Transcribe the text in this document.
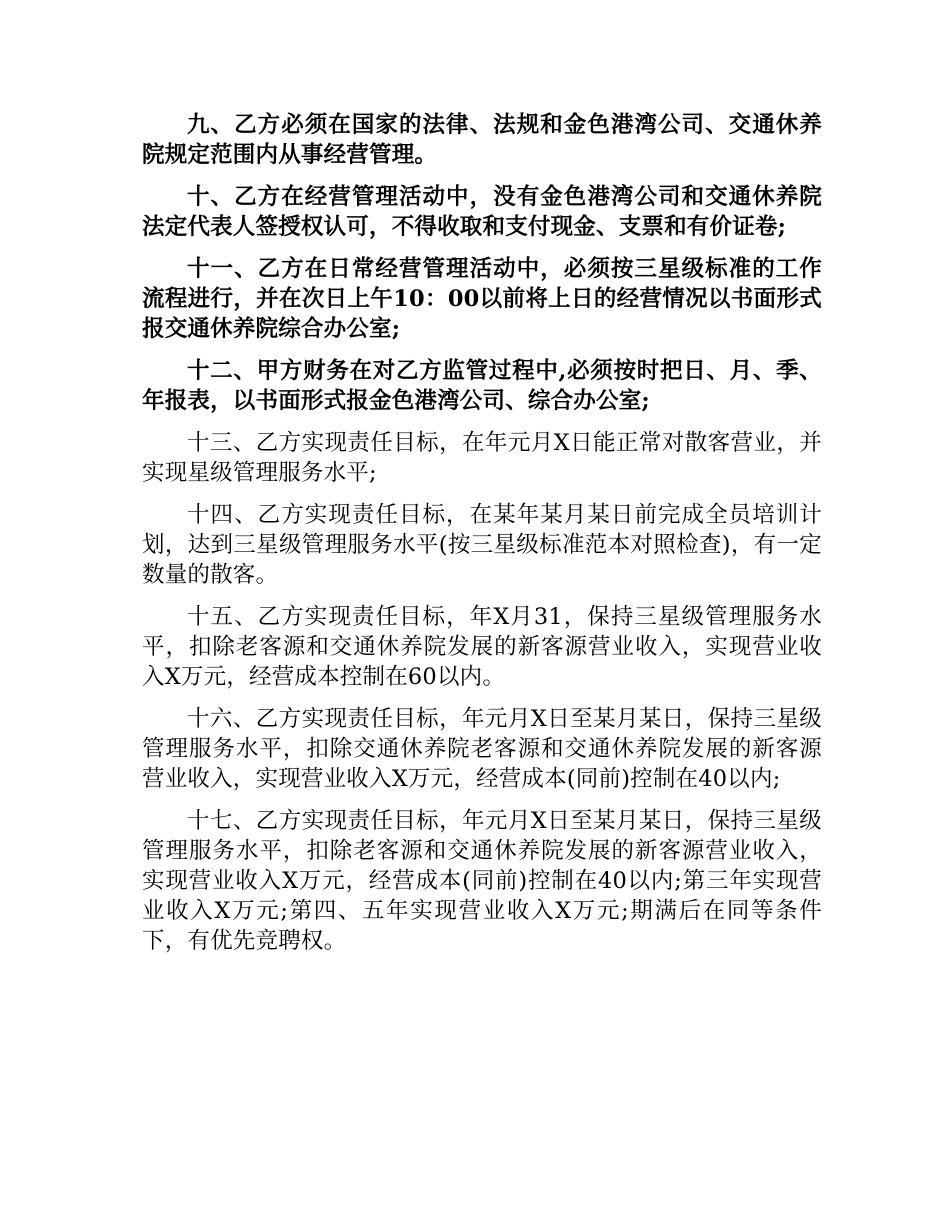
九、乙方必须在国家的法律、法规和金色港湾公司、交通休养院规定范围内从事经营管理。

十、乙方在经营管理活动中，没有金色港湾公司和交通休养院法定代表人签授权认可，不得收取和支付现金、支票和有价证卷;

十一、乙方在日常经营管理活动中，必须按三星级标准的工作流程进行，并在次日上午10：00以前将上日的经营情况以书面形式报交通休养院综合办公室;

十二、甲方财务在对乙方监管过程中,必须按时把日、月、季、年报表，以书面形式报金色港湾公司、综合办公室;

十三、乙方实现责任目标，在年元月X日能正常对散客营业，并实现星级管理服务水平;

十四、乙方实现责任目标，在某年某月某日前完成全员培训计划，达到三星级管理服务水平(按三星级标准范本对照检查)，有一定数量的散客。

十五、乙方实现责任目标，年X月31，保持三星级管理服务水平，扣除老客源和交通休养院发展的新客源营业收入，实现营业收入X万元，经营成本控制在60以内。

十六、乙方实现责任目标，年元月X日至某月某日，保持三星级管理服务水平，扣除交通休养院老客源和交通休养院发展的新客源营业收入，实现营业收入X万元，经营成本(同前)控制在40以内;

十七、乙方实现责任目标，年元月X日至某月某日，保持三星级管理服务水平，扣除老客源和交通休养院发展的新客源营业收入，实现营业收入X万元，经营成本(同前)控制在40以内;第三年实现营业收入X万元;第四、五年实现营业收入X万元;期满后在同等条件下，有优先竞聘权。
